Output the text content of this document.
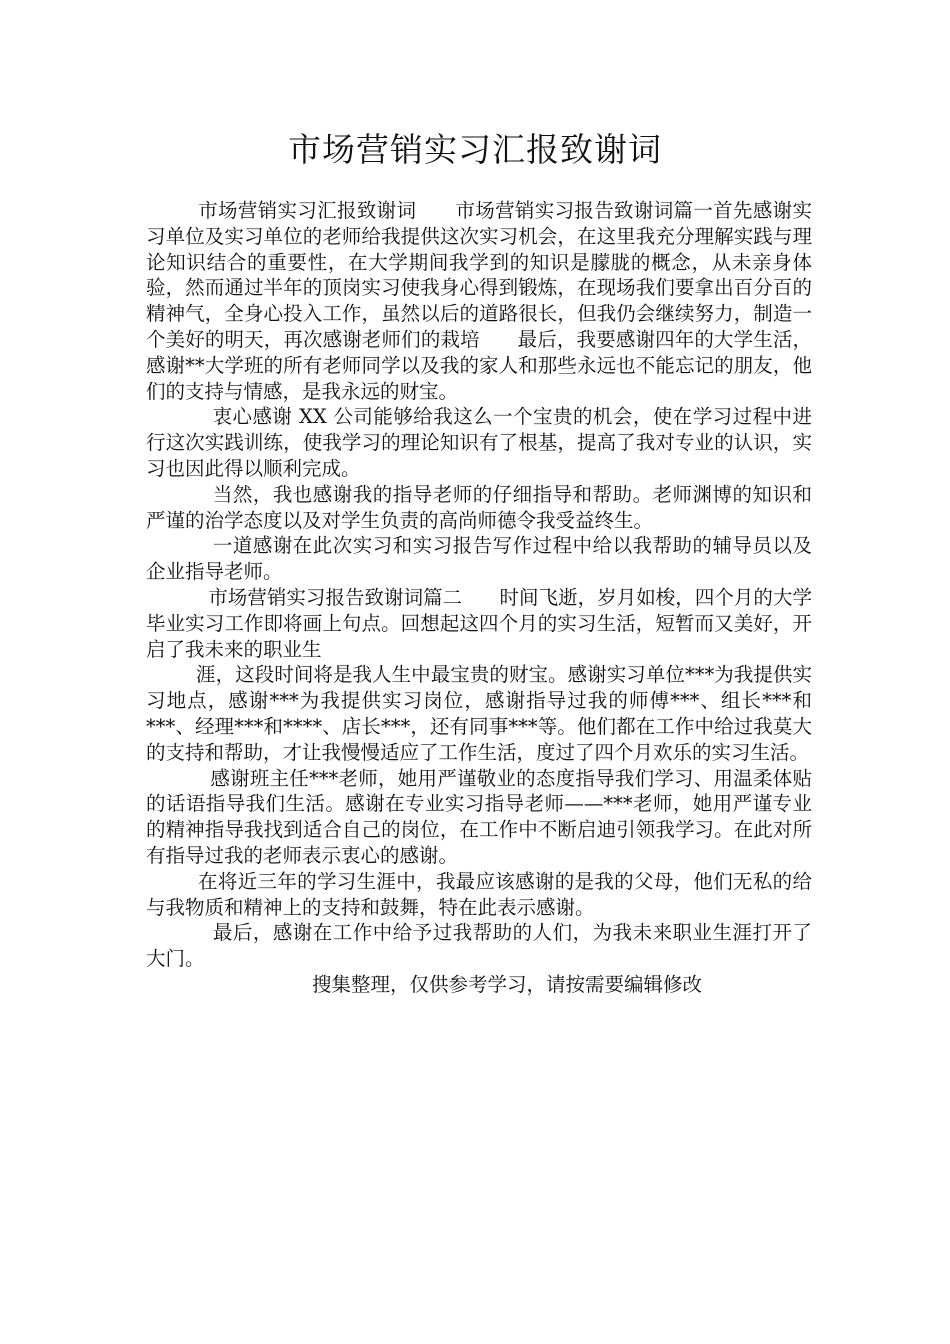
市场营销实习汇报致谢词

市场营销实习汇报致谢词      市场营销实习报告致谢词篇一首先感谢实习单位及实习单位的老师给我提供这次实习机会，在这里我充分理解实践与理论知识结合的重要性，在大学期间我学到的知识是朦胧的概念，从未亲身体验，然而通过半年的顶岗实习使我身心得到锻炼，在现场我们要拿出百分百的精神气，全身心投入工作，虽然以后的道路很长，但我仍会继续努力，制造一个美好的明天，再次感谢老师们的栽培      最后，我要感谢四年的大学生活，感谢**大学班的所有老师同学以及我的家人和那些永远也不能忘记的朋友，他们的支持与情感，是我永远的财宝。

衷心感谢 XX 公司能够给我这么一个宝贵的机会，使在学习过程中进行这次实践训练，使我学习的理论知识有了根基，提高了我对专业的认识，实习也因此得以顺利完成。

当然，我也感谢我的指导老师的仔细指导和帮助。老师渊博的知识和严谨的治学态度以及对学生负责的高尚师德令我受益终生。

一道感谢在此次实习和实习报告写作过程中给以我帮助的辅导员以及企业指导老师。

市场营销实习报告致谢词篇二      时间飞逝，岁月如梭，四个月的大学毕业实习工作即将画上句点。回想起这四个月的实习生活，短暂而又美好，开启了我未来的职业生

涯，这段时间将是我人生中最宝贵的财宝。感谢实习单位***为我提供实习地点，感谢***为我提供实习岗位，感谢指导过我的师傅***、组长***和***、经理***和****、店长***，还有同事***等。他们都在工作中给过我莫大的支持和帮助，才让我慢慢适应了工作生活，度过了四个月欢乐的实习生活。

感谢班主任***老师，她用严谨敬业的态度指导我们学习、用温柔体贴的话语指导我们生活。感谢在专业实习指导老师——***老师，她用严谨专业的精神指导我找到适合自己的岗位，在工作中不断启迪引领我学习。在此对所有指导过我的老师表示衷心的感谢。

在将近三年的学习生涯中，我最应该感谢的是我的父母，他们无私的给与我物质和精神上的支持和鼓舞，特在此表示感谢。

最后，感谢在工作中给予过我帮助的人们，为我未来职业生涯打开了大门。

搜集整理，仅供参考学习，请按需要编辑修改
